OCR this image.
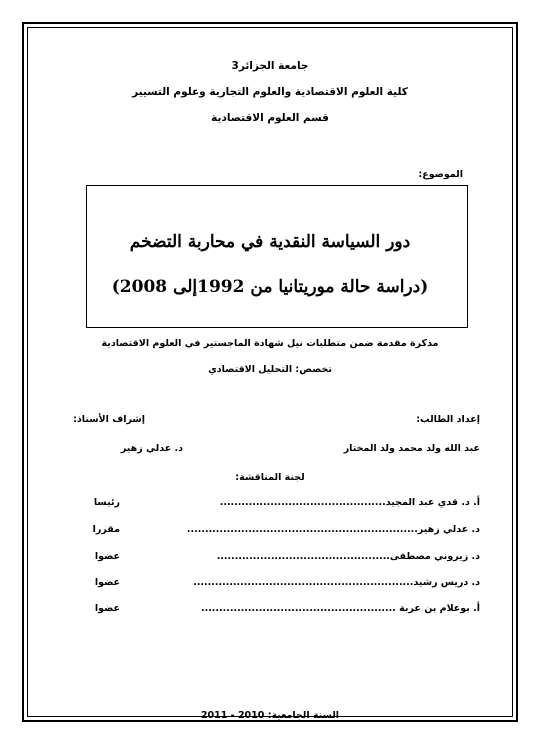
جامعة الجزائر3
كلية العلوم الاقتصادية والعلوم التجارية وعلوم التسيير
قسم العلوم الاقتصادية
الموضوع:
دور السياسة النقدية في محاربة التضخم
(دراسة حالة موريتانيا من 1992إلى 2008)
مذكرة مقدمة ضمن متطلبات نيل شهادة الماجستير في العلوم الاقتصادية
تخصص: التحليل الاقتصادي
إعداد الطالب:
إشراف الأستاذ:
عبد الله ولد محمد ولد المختار
د. عدلي زهير
لجنة المناقشة:
أ. د. قدي عبد المجيد..............................................
رئيسا
د. عدلي زهير................................................................
مقررا
د. زيروني مصطفى................................................
عضوا
د. دريس رشيد.............................................................
عضوا
أ. بوعلام بن عربة ......................................................
عضوا
السنة الجامعية: 2010 - 2011
